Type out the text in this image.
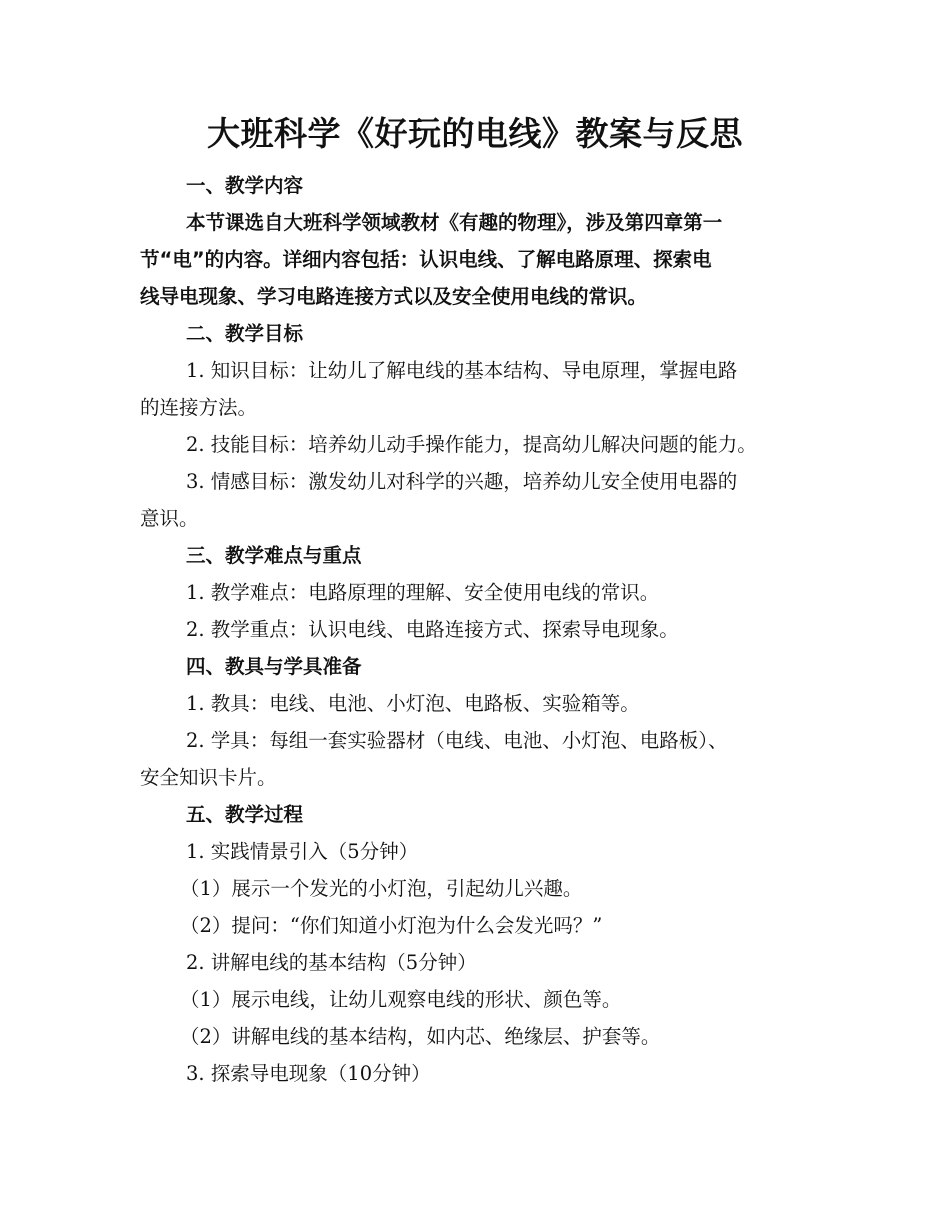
大班科学《好玩的电线》教案与反思
一、教学内容
本节课选自大班科学领域教材《有趣的物理》，涉及第四章第一
节“电”的内容。详细内容包括：认识电线、了解电路原理、探索电
线导电现象、学习电路连接方式以及安全使用电线的常识。
二、教学目标
1. 知识目标：让幼儿了解电线的基本结构、导电原理，掌握电路
的连接方法。
2. 技能目标：培养幼儿动手操作能力，提高幼儿解决问题的能力。
3. 情感目标：激发幼儿对科学的兴趣，培养幼儿安全使用电器的
意识。
三、教学难点与重点
1. 教学难点：电路原理的理解、安全使用电线的常识。
2. 教学重点：认识电线、电路连接方式、探索导电现象。
四、教具与学具准备
1. 教具：电线、电池、小灯泡、电路板、实验箱等。
2. 学具：每组一套实验器材（电线、电池、小灯泡、电路板）、
安全知识卡片。
五、教学过程
1. 实践情景引入（5分钟）
（1）展示一个发光的小灯泡，引起幼儿兴趣。
（2）提问：“你们知道小灯泡为什么会发光吗？”
2. 讲解电线的基本结构（5分钟）
（1）展示电线，让幼儿观察电线的形状、颜色等。
（2）讲解电线的基本结构，如内芯、绝缘层、护套等。
3. 探索导电现象（10分钟）
